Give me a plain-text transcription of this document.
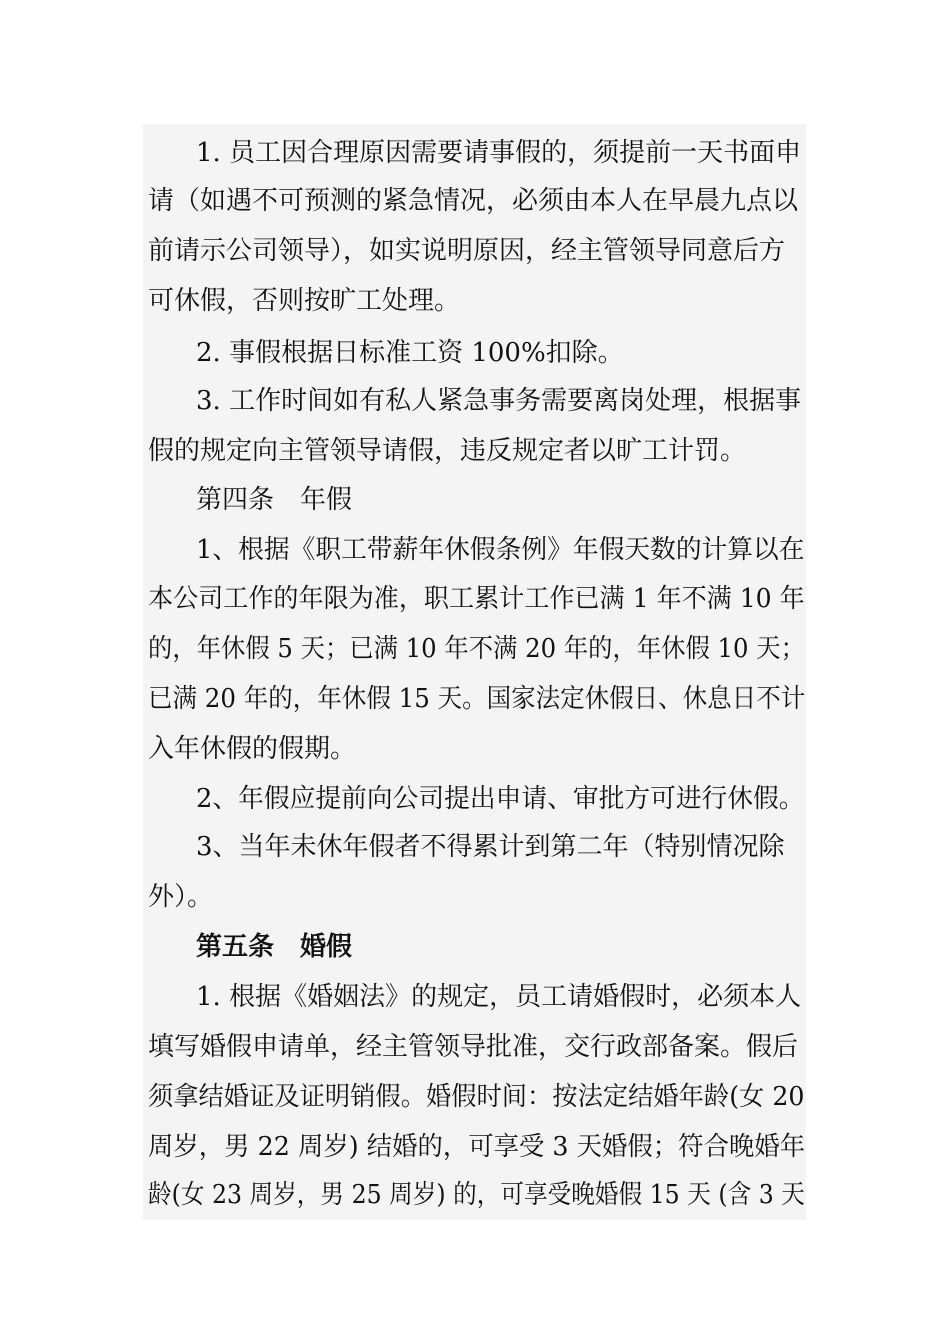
1. 员工因合理原因需要请事假的，须提前一天书面申
请（如遇不可预测的紧急情况，必须由本人在早晨九点以
前请示公司领导），如实说明原因，经主管领导同意后方
可休假，否则按旷工处理。
2. 事假根据日标准工资 100%扣除。
3. 工作时间如有私人紧急事务需要离岗处理，根据事
假的规定向主管领导请假，违反规定者以旷工计罚。
第四条　年假
1、根据《职工带薪年休假条例》年假天数的计算以在
本公司工作的年限为准，职工累计工作已满 1 年不满 10 年
的，年休假 5 天；已满 10 年不满 20 年的，年休假 10 天；
已满 20 年的，年休假 15 天。国家法定休假日、休息日不计
入年休假的假期。
2、年假应提前向公司提出申请、审批方可进行休假。
3、当年未休年假者不得累计到第二年（特别情况除
外）。
第五条　婚假
1. 根据《婚姻法》的规定，员工请婚假时，必须本人
填写婚假申请单，经主管领导批准，交行政部备案。假后
须拿结婚证及证明销假。婚假时间：按法定结婚年龄(女 20
周岁，男 22 周岁) 结婚的，可享受 3 天婚假；符合晚婚年
龄(女 23 周岁，男 25 周岁) 的，可享受晚婚假 15 天 (含 3 天
